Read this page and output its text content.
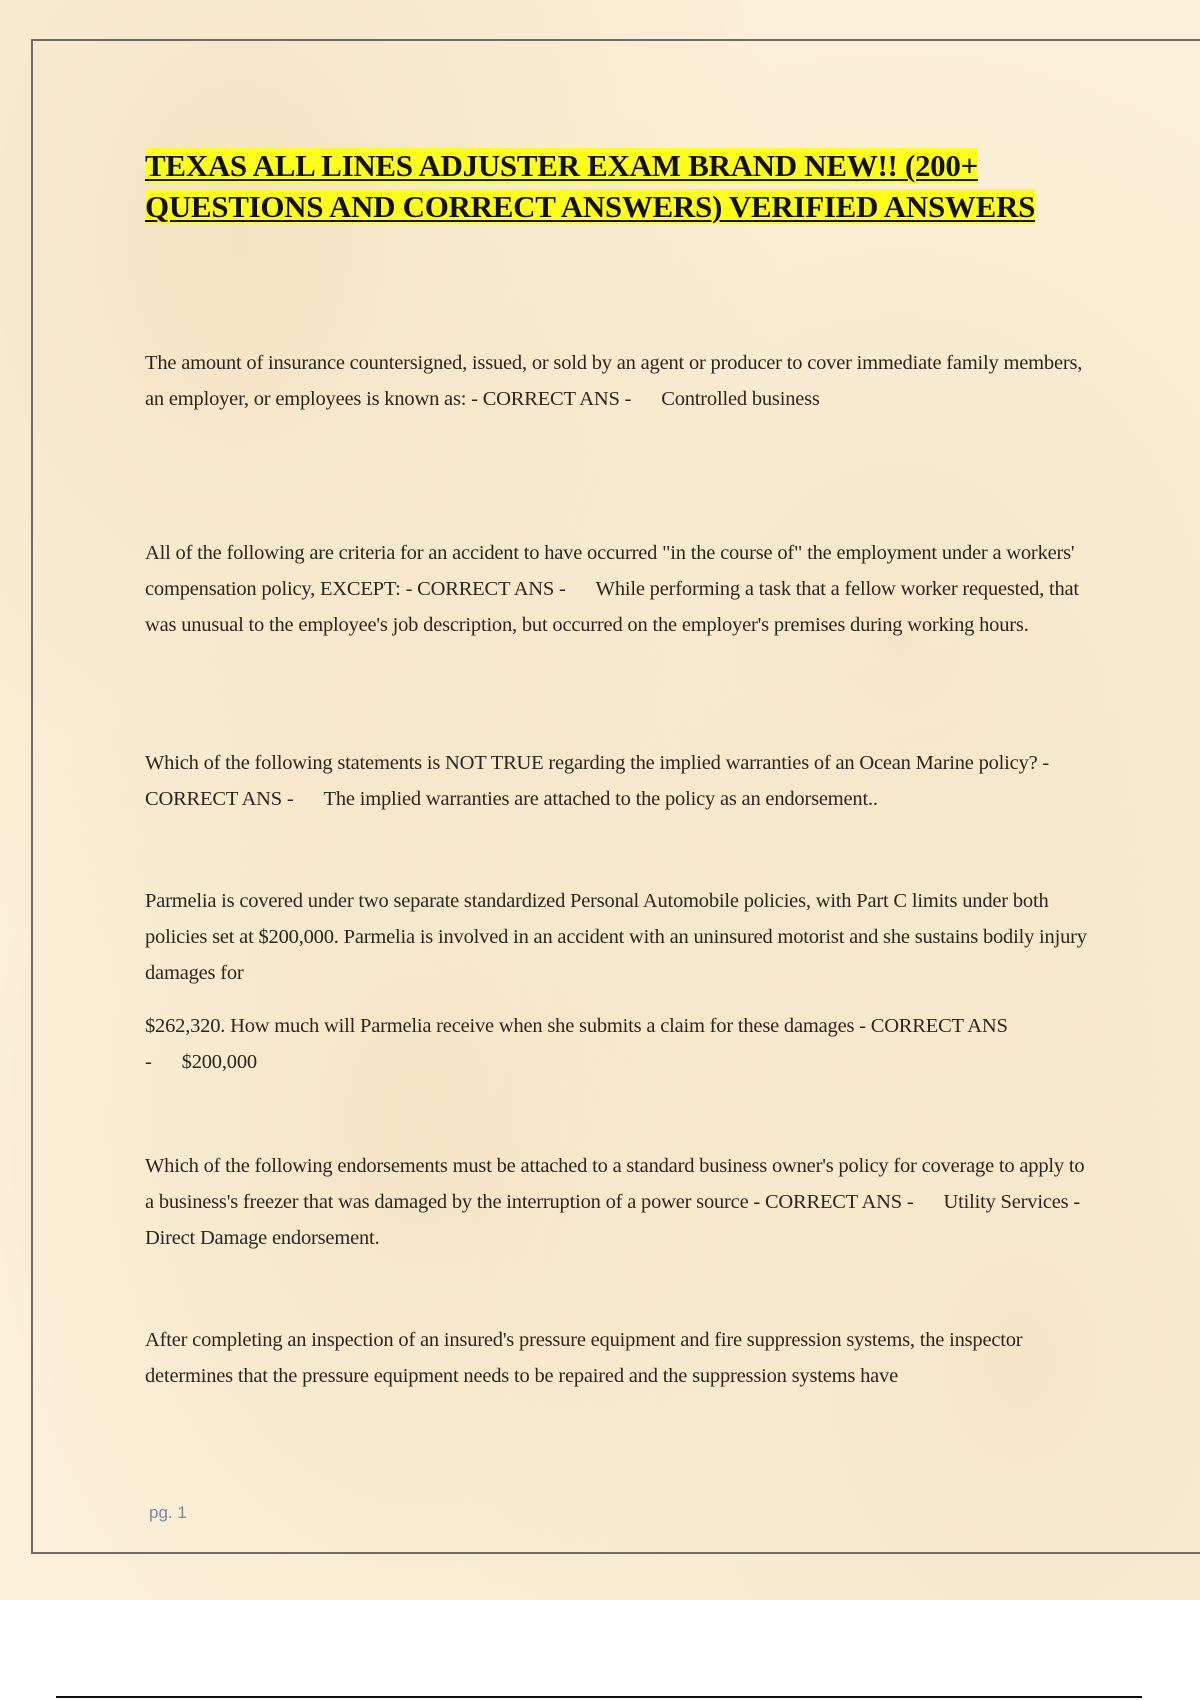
TEXAS ALL LINES ADJUSTER EXAM BRAND NEW!! (200+ QUESTIONS AND CORRECT ANSWERS) VERIFIED ANSWERS

The amount of insurance countersigned, issued, or sold by an agent or producer to cover immediate family members, an employer, or employees is known as: - CORRECT ANS - Controlled business

All of the following are criteria for an accident to have occurred "in the course of" the employment under a workers' compensation policy, EXCEPT: - CORRECT ANS - While performing a task that a fellow worker requested, that was unusual to the employee's job description, but occurred on the employer's premises during working hours.

Which of the following statements is NOT TRUE regarding the implied warranties of an Ocean Marine policy? - CORRECT ANS - The implied warranties are attached to the policy as an endorsement..

Parmelia is covered under two separate standardized Personal Automobile policies, with Part C limits under both policies set at $200,000. Parmelia is involved in an accident with an uninsured motorist and she sustains bodily injury damages for

$262,320. How much will Parmelia receive when she submits a claim for these damages - CORRECT ANS - $200,000

Which of the following endorsements must be attached to a standard business owner's policy for coverage to apply to a business's freezer that was damaged by the interruption of a power source - CORRECT ANS - Utility Services - Direct Damage endorsement.

After completing an inspection of an insured's pressure equipment and fire suppression systems, the inspector determines that the pressure equipment needs to be repaired and the suppression systems have

pg. 1
